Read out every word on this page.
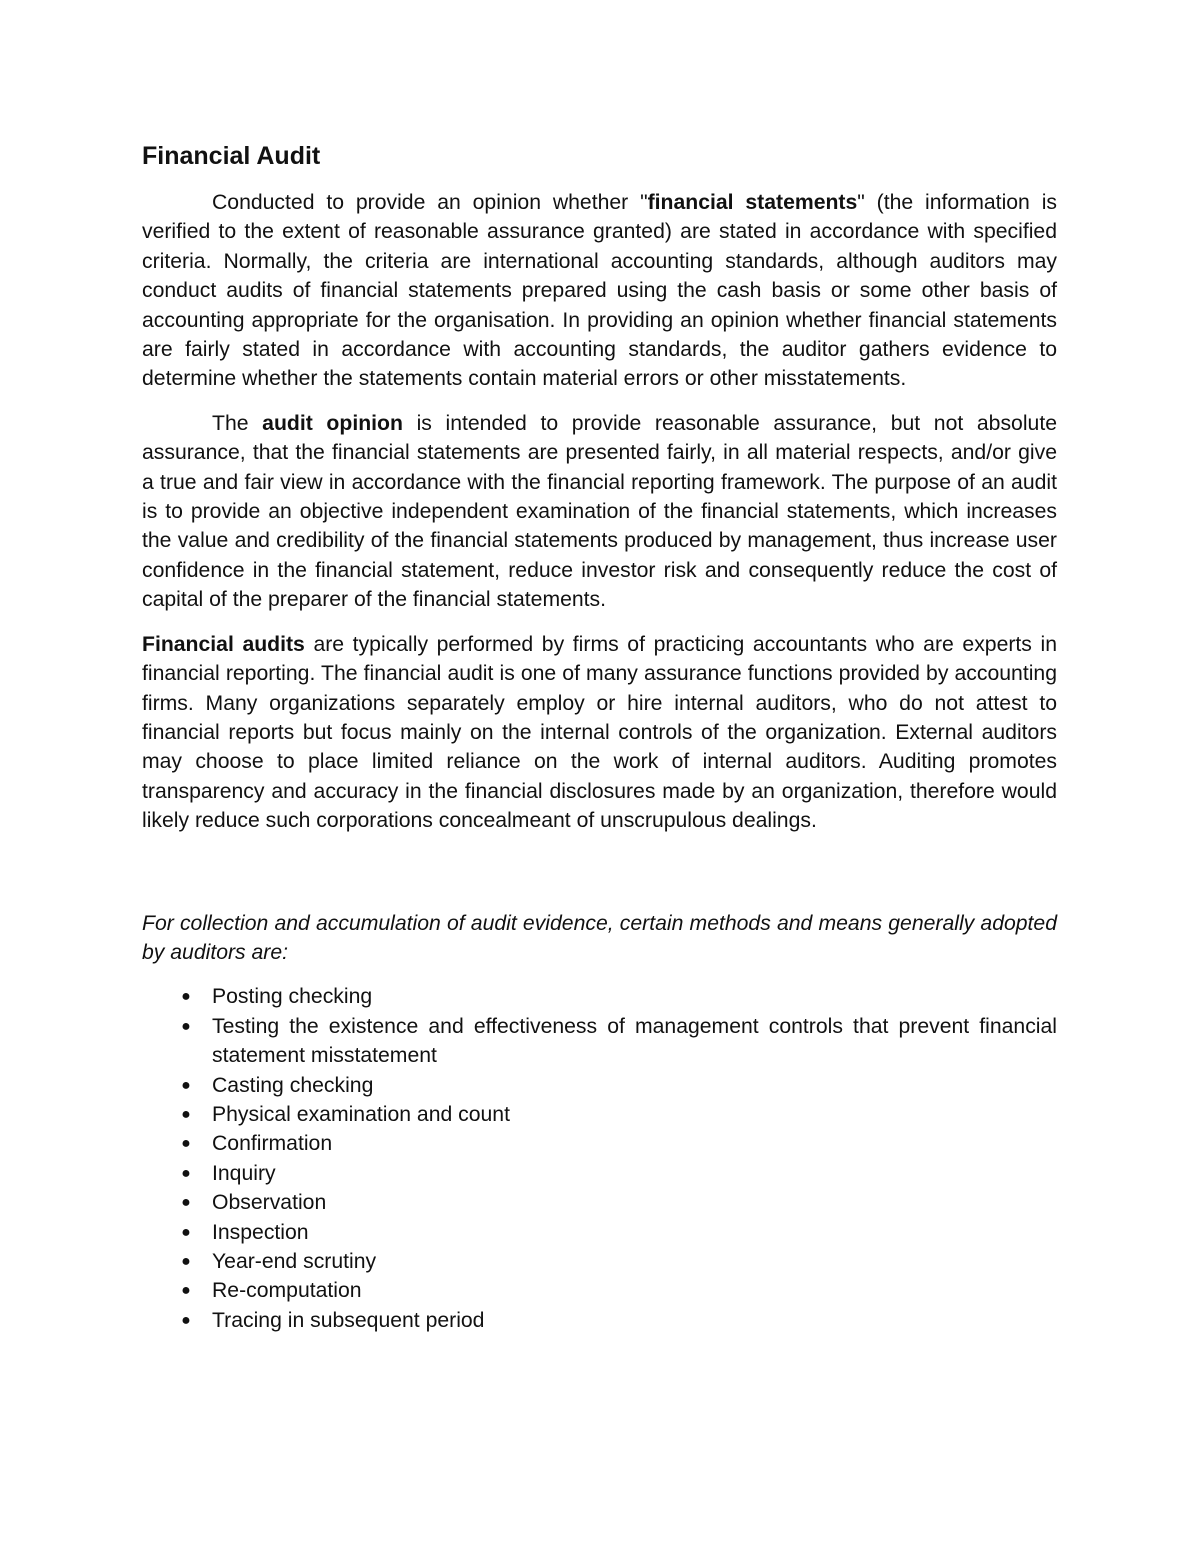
Financial Audit

Conducted to provide an opinion whether "financial statements" (the information is verified to the extent of reasonable assurance granted) are stated in accordance with specified criteria. Normally, the criteria are international accounting standards, although auditors may conduct audits of financial statements prepared using the cash basis or some other basis of accounting appropriate for the organisation. In providing an opinion whether financial statements are fairly stated in accordance with accounting standards, the auditor gathers evidence to determine whether the statements contain material errors or other misstatements.

The audit opinion is intended to provide reasonable assurance, but not absolute assurance, that the financial statements are presented fairly, in all material respects, and/or give a true and fair view in accordance with the financial reporting framework. The purpose of an audit is to provide an objective independent examination of the financial statements, which increases the value and credibility of the financial statements produced by management, thus increase user confidence in the financial statement, reduce investor risk and consequently reduce the cost of capital of the preparer of the financial statements.

Financial audits are typically performed by firms of practicing accountants who are experts in financial reporting. The financial audit is one of many assurance functions provided by accounting firms. Many organizations separately employ or hire internal auditors, who do not attest to financial reports but focus mainly on the internal controls of the organization. External auditors may choose to place limited reliance on the work of internal auditors. Auditing promotes transparency and accuracy in the financial disclosures made by an organization, therefore would likely reduce such corporations concealmeant of unscrupulous dealings.

For collection and accumulation of audit evidence, certain methods and means generally adopted by auditors are:

● Posting checking
● Testing the existence and effectiveness of management controls that prevent financial statement misstatement
● Casting checking
● Physical examination and count
● Confirmation
● Inquiry
● Observation
● Inspection
● Year-end scrutiny
● Re-computation
● Tracing in subsequent period
